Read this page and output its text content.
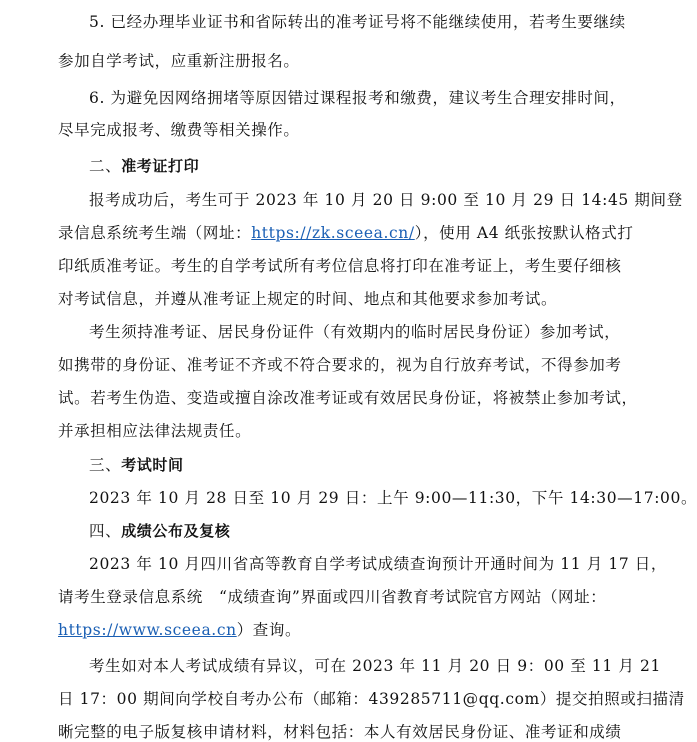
5. 已经办理毕业证书和省际转出的准考证号将不能继续使用，若考生要继续
参加自学考试，应重新注册报名。
6. 为避免因网络拥堵等原因错过课程报考和缴费，建议考生合理安排时间，
尽早完成报考、缴费等相关操作。
二、准考证打印
报考成功后，考生可于 2023 年 10 月 20 日 9:00 至 10 月 29 日 14:45 期间登
录信息系统考生端（网址：https://zk.sceea.cn/），使用 A4 纸张按默认格式打
印纸质准考证。考生的自学考试所有考位信息将打印在准考证上，考生要仔细核
对考试信息，并遵从准考证上规定的时间、地点和其他要求参加考试。
考生须持准考证、居民身份证件（有效期内的临时居民身份证）参加考试，
如携带的身份证、准考证不齐或不符合要求的，视为自行放弃考试，不得参加考
试。若考生伪造、变造或擅自涂改准考证或有效居民身份证，将被禁止参加考试，
并承担相应法律法规责任。
三、考试时间
2023 年 10 月 28 日至 10 月 29 日：上午 9:00—11:30，下午 14:30—17:00。
四、成绩公布及复核
2023 年 10 月四川省高等教育自学考试成绩查询预计开通时间为 11 月 17 日，
请考生登录信息系统　“成绩查询”界面或四川省教育考试院官方网站（网址：
https://www.sceea.cn）查询。
考生如对本人考试成绩有异议，可在 2023 年 11 月 20 日 9：00 至 11 月 21
日 17：00 期间向学校自考办公布（邮箱：439285711@qq.com）提交拍照或扫描清
晰完整的电子版复核申请材料，材料包括：本人有效居民身份证、准考证和成绩
